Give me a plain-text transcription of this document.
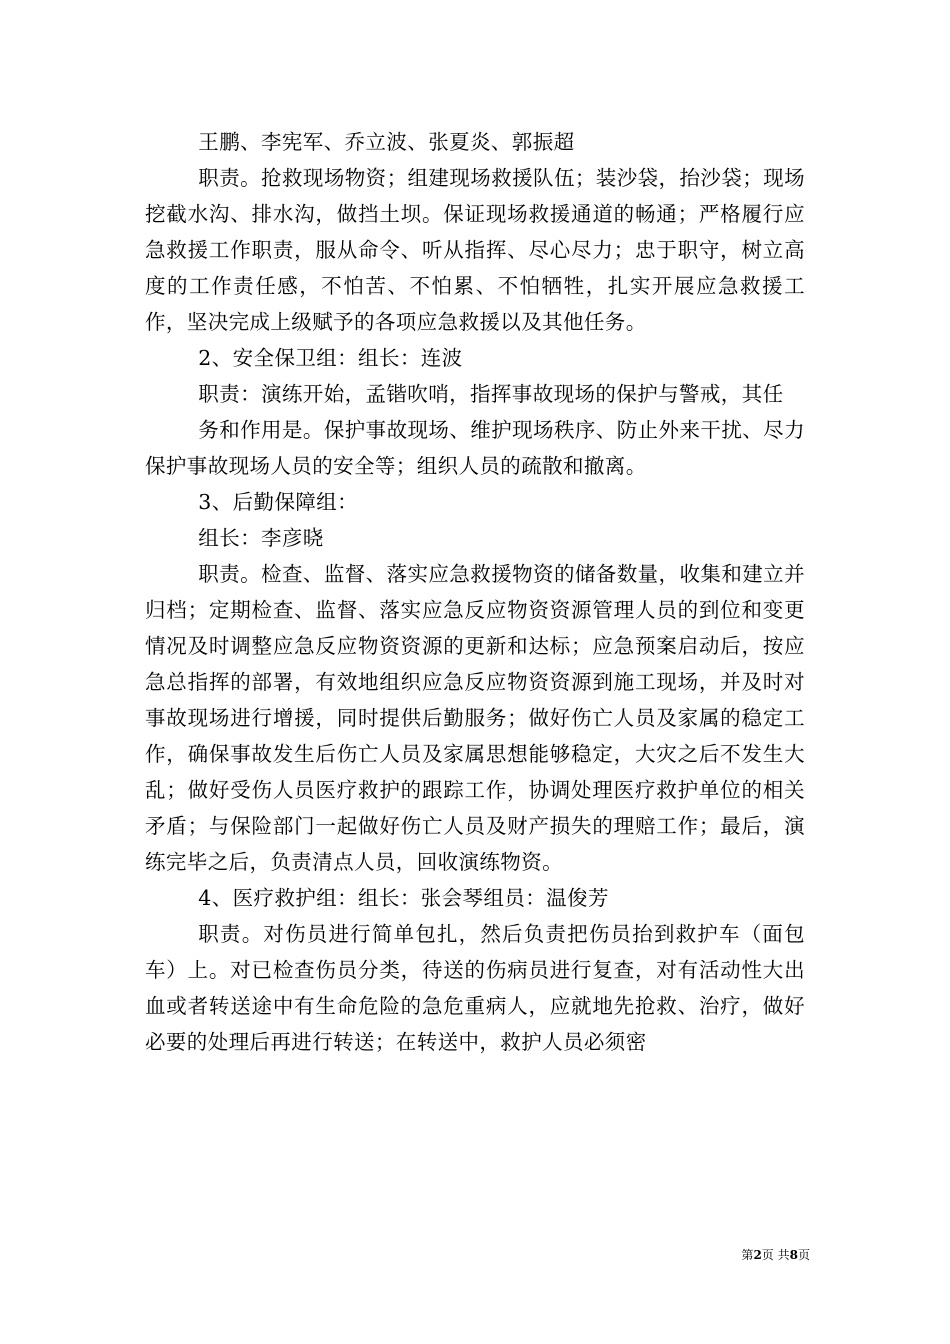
王鹏、李宪军、乔立波、张夏炎、郭振超

职责。抢救现场物资；组建现场救援队伍；装沙袋，抬沙袋；现场挖截水沟、排水沟，做挡土坝。保证现场救援通道的畅通；严格履行应急救援工作职责，服从命令、听从指挥、尽心尽力；忠于职守，树立高度的工作责任感，不怕苦、不怕累、不怕牺牲，扎实开展应急救援工作，坚决完成上级赋予的各项应急救援以及其他任务。

2、安全保卫组：组长：连波

职责：演练开始，孟锴吹哨，指挥事故现场的保护与警戒，其任

务和作用是。保护事故现场、维护现场秩序、防止外来干扰、尽力保护事故现场人员的安全等；组织人员的疏散和撤离。

3、后勤保障组：

组长：李彦晓

职责。检查、监督、落实应急救援物资的储备数量，收集和建立并归档；定期检查、监督、落实应急反应物资资源管理人员的到位和变更情况及时调整应急反应物资资源的更新和达标；应急预案启动后，按应急总指挥的部署，有效地组织应急反应物资资源到施工现场，并及时对事故现场进行增援，同时提供后勤服务；做好伤亡人员及家属的稳定工作，确保事故发生后伤亡人员及家属思想能够稳定，大灾之后不发生大乱；做好受伤人员医疗救护的跟踪工作，协调处理医疗救护单位的相关矛盾；与保险部门一起做好伤亡人员及财产损失的理赔工作；最后，演练完毕之后，负责清点人员，回收演练物资。

4、医疗救护组：组长：张会琴组员：温俊芳

职责。对伤员进行简单包扎，然后负责把伤员抬到救护车（面包车）上。对已检查伤员分类，待送的伤病员进行复查，对有活动性大出血或者转送途中有生命危险的急危重病人，应就地先抢救、治疗，做好必要的处理后再进行转送；在转送中，救护人员必须密

第2页 共8页
